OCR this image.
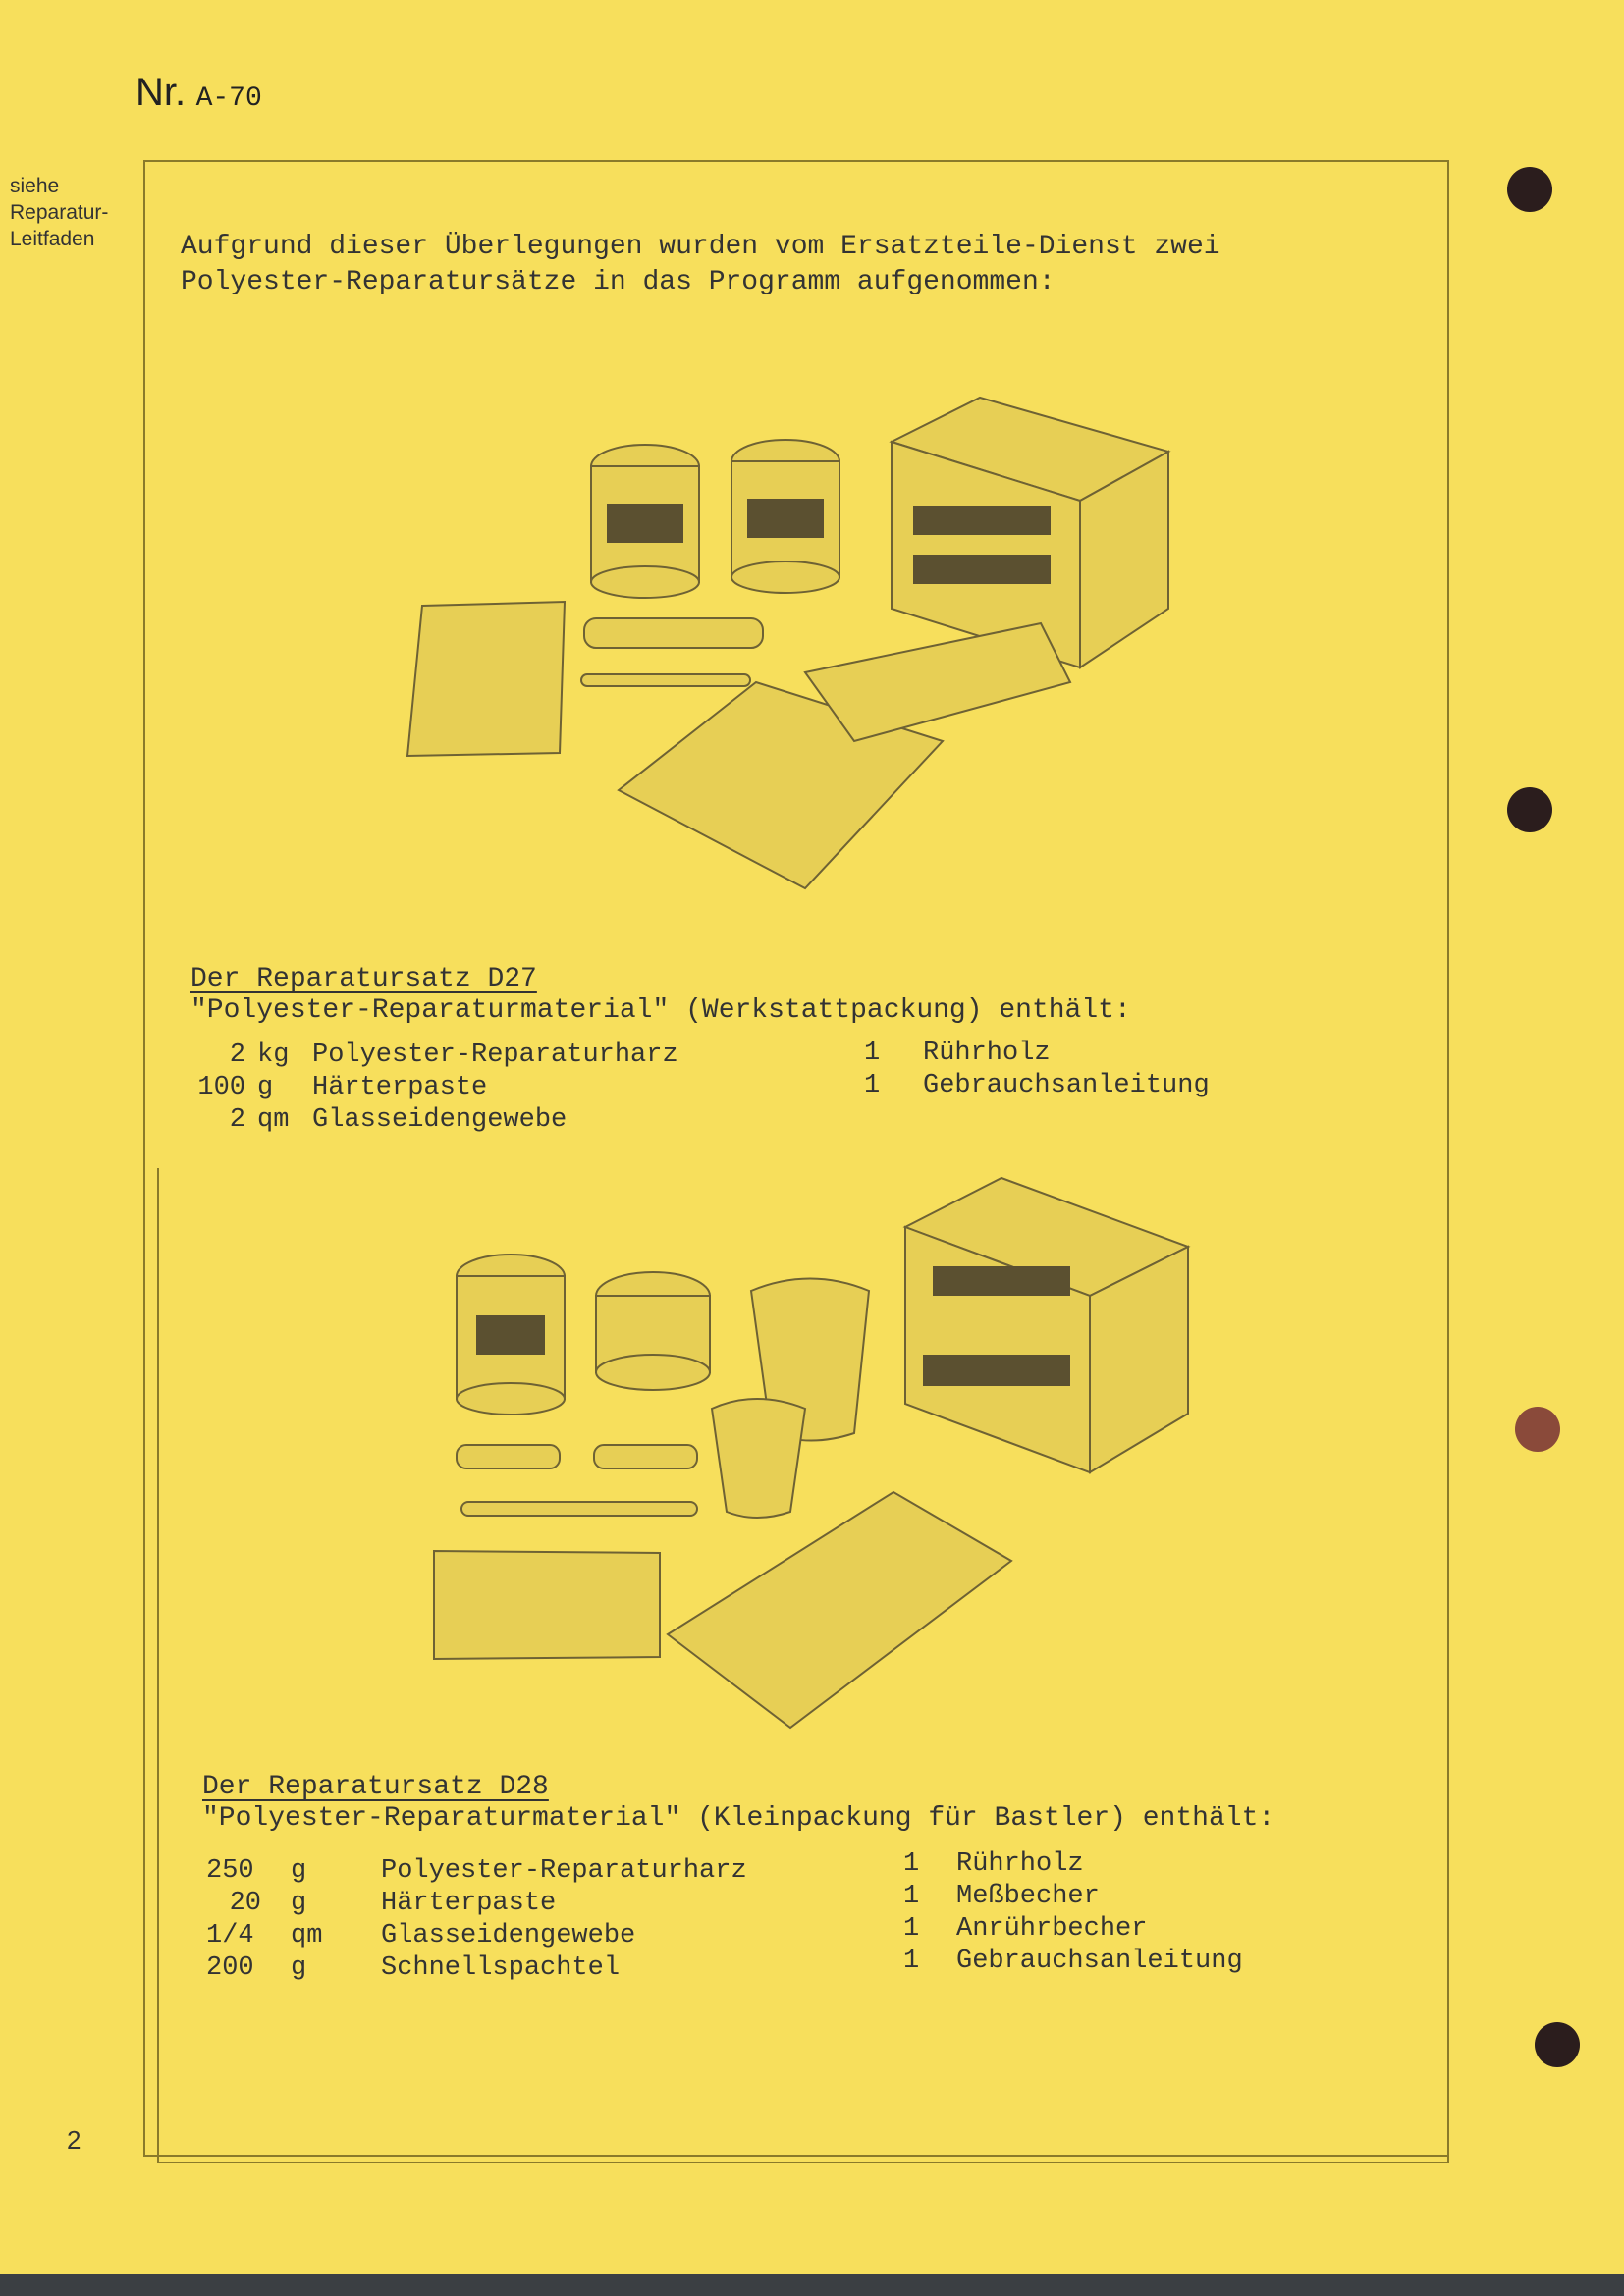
Nr. A-70
siehe
Reparatur-
Leitfaden	Aufgrund dieser Überlegungen wurden vom Ersatzteile-Dienst zwei
Polyester-Reparatursätze in das Programm aufgenommen:
Der Reparatursatz D27
"Polyester-Reparaturmaterial" (Werkstattpackung) enthält:
2 kg Polyester-Reparaturharz
100 g	Härterpaste
2 qm Glasseidengewebe
1	Rührholz
1	Gebrauchsanleitung
Der Reparatursatz D28
"Polyester-Reparaturmaterial" (Kleinpackung für Bastler) enthält:
250	g	Polyester-Reparaturharz
20	g	Härterpaste
1/4	qm	Glasseidengewebe
200	g	Schnellspachtel
1	Rührholz
1	Meßbecher
1	Anrührbecher
1	Gebrauchsanleitung
2
